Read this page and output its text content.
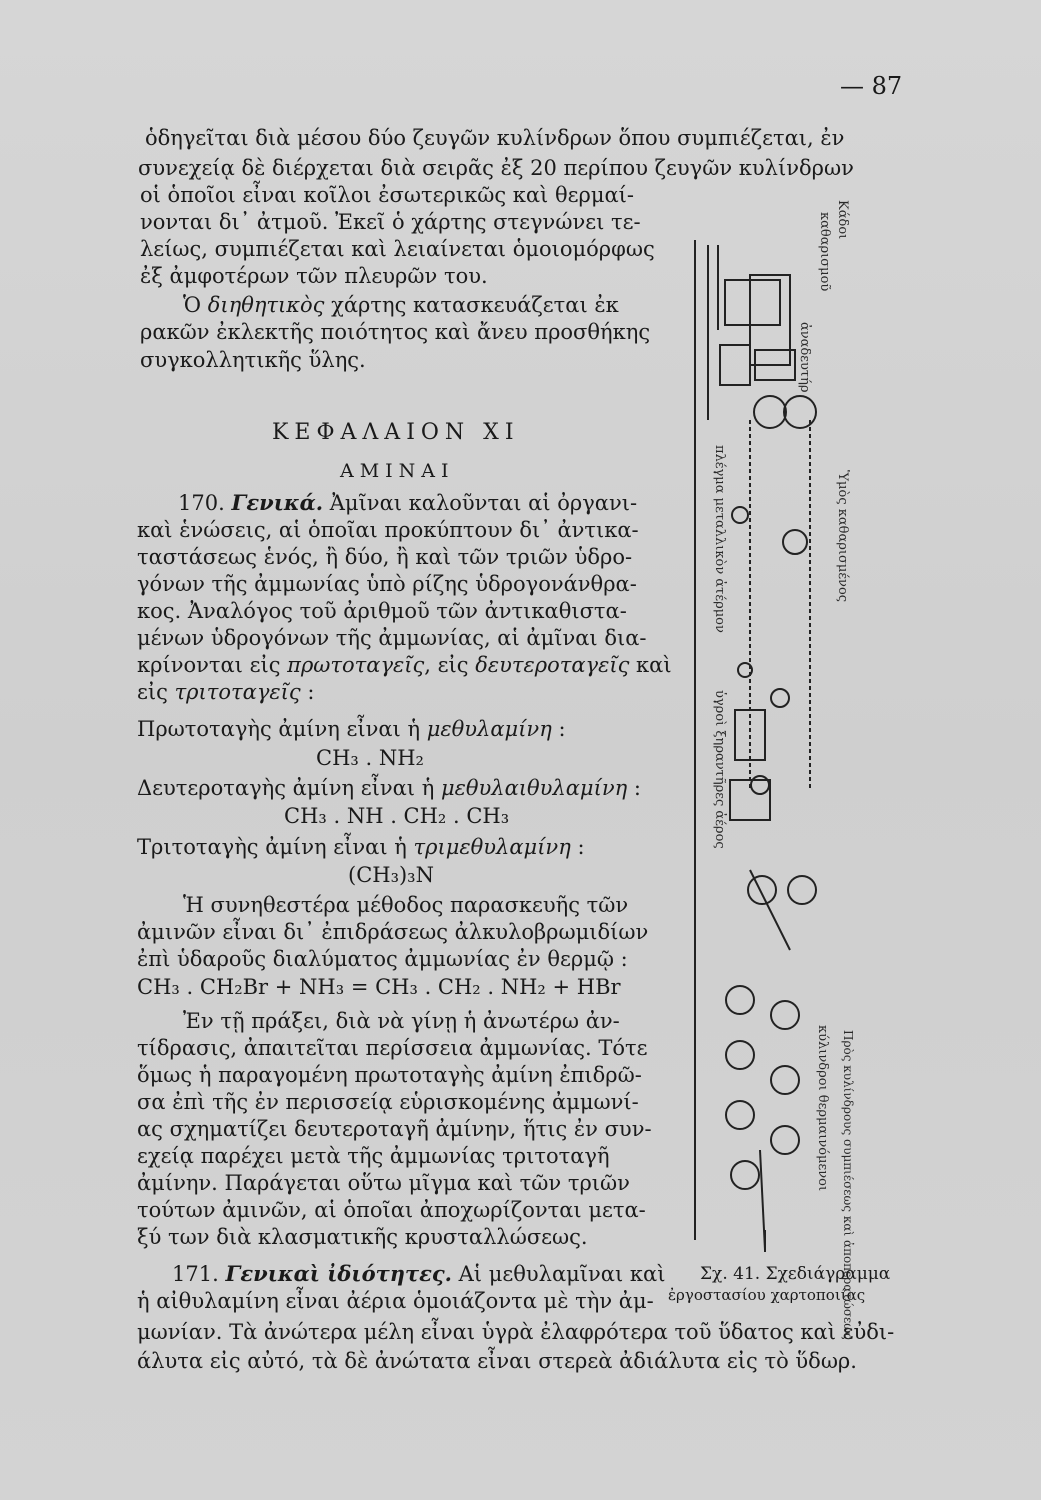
— 87
ὁδηγεῖται διὰ μέσου δύο ζευγῶν κυλίνδρων ὅπου συμπιέζεται, ἐν
συνεχείᾳ δὲ διέρχεται διὰ σειρᾶς ἐξ 20 περίπου ζευγῶν κυλίνδρων
οἱ ὁποῖοι εἶναι κοῖλοι ἐσωτερικῶς καὶ θερμαί-
νονται δι᾽ ἀτμοῦ. Ἐκεῖ ὁ χάρτης στεγνώνει τε-
λείως, συμπιέζεται καὶ λειαίνεται ὁμοιομόρφως
ἐξ ἀμφοτέρων τῶν πλευρῶν του.
Ὁ διηθητικὸς χάρτης κατασκευάζεται ἐκ
ρακῶν ἐκλεκτῆς ποιότητος καὶ ἄνευ προσθήκης
συγκολλητικῆς ὕλης.
ΚΕΦΑΛΑΙΟΝ ΧΙ
ΑΜΙΝΑΙ
170. Γενικά. Ἀμῖναι καλοῦνται αἱ ὀργανι-
καὶ ἑνώσεις, αἱ ὁποῖαι προκύπτουν δι᾽ ἀντικα-
ταστάσεως ἑνός, ἢ δύο, ἢ καὶ τῶν τριῶν ὑδρο-
γόνων τῆς ἀμμωνίας ὑπὸ ρίζης ὑδρογονάνθρα-
κος. Ἀναλόγος τοῦ ἀριθμοῦ τῶν ἀντικαθιστα-
μένων ὑδρογόνων τῆς ἀμμωνίας, αἱ ἀμῖναι δια-
κρίνονται εἰς πρωτοταγεῖς, εἰς δευτεροταγεῖς καὶ
εἰς τριτοταγεῖς :
Πρωτοταγὴς ἀμίνη εἶναι ἡ μεθυλαμίνη :
CH₃ . NH₂
Δευτεροταγὴς ἀμίνη εἶναι ἡ μεθυλαιθυλαμίνη :
CH₃ . NH . CH₂ . CH₃
Τριτοταγὴς ἀμίνη εἶναι ἡ τριμεθυλαμίνη :
(CH₃)₃N
Ἡ συνηθεστέρα μέθοδος παρασκευῆς τῶν
ἀμινῶν εἶναι δι᾽ ἐπιδράσεως ἀλκυλοβρωμιδίων
ἐπὶ ὑδαροῦς διαλύματος ἀμμωνίας ἐν θερμῷ :
CH₃ . CH₂Br + NH₃ = CH₃ . CH₂ . NH₂ + HBr
Ἐν τῇ πράξει, διὰ νὰ γίνῃ ἡ ἀνωτέρω ἀν-
τίδρασις, ἀπαιτεῖται περίσσεια ἀμμωνίας. Τότε
ὅμως ἡ παραγομένη πρωτοταγὴς ἀμίνη ἐπιδρῶ-
σα ἐπὶ τῆς ἐν περισσείᾳ εὑρισκομένης ἀμμωνί-
ας σχηματίζει δευτεροταγῆ ἀμίνην, ἥτις ἐν συν-
εχείᾳ παρέχει μετὰ τῆς ἀμμωνίας τριτοταγῆ
ἀμίνην. Παράγεται οὕτω μῖγμα καὶ τῶν τριῶν
τούτων ἀμινῶν, αἱ ὁποῖαι ἀποχωρίζονται μετα-
ξύ των διὰ κλασματικῆς κρυσταλλώσεως.
171. Γενικαὶ ἰδιότητες. Αἱ μεθυλαμῖναι καὶ
ἡ αἰθυλαμίνη εἶναι ἀέρια ὁμοιάζοντα μὲ τὴν ἀμ-
μωνίαν. Τὰ ἀνώτερα μέλη εἶναι ὑγρὰ ἐλαφρότερα τοῦ ὕδατος καὶ εὐδι-
άλυτα εἰς αὐτό, τὰ δὲ ἀνώτατα εἶναι στερεὰ ἀδιάλυτα εἰς τὸ ὕδωρ.
Σχ. 41. Σχεδιάγραμμα
ἐργοστασίου χαρτοποιίας
Κάδοι
καθαρισμοῦ
ἀναδευτήρ
πλέγμα μεταλλικὸν ἀτέρμον	Ὑμὸς καθαρισμένος
ὑγροὶ ξηραντῆρες ἀέρος
κύλινδροι θερμαινόμενοι Πρὸς κυλίνδρους συμπιέσεως καὶ ἀποπερατώσεως
